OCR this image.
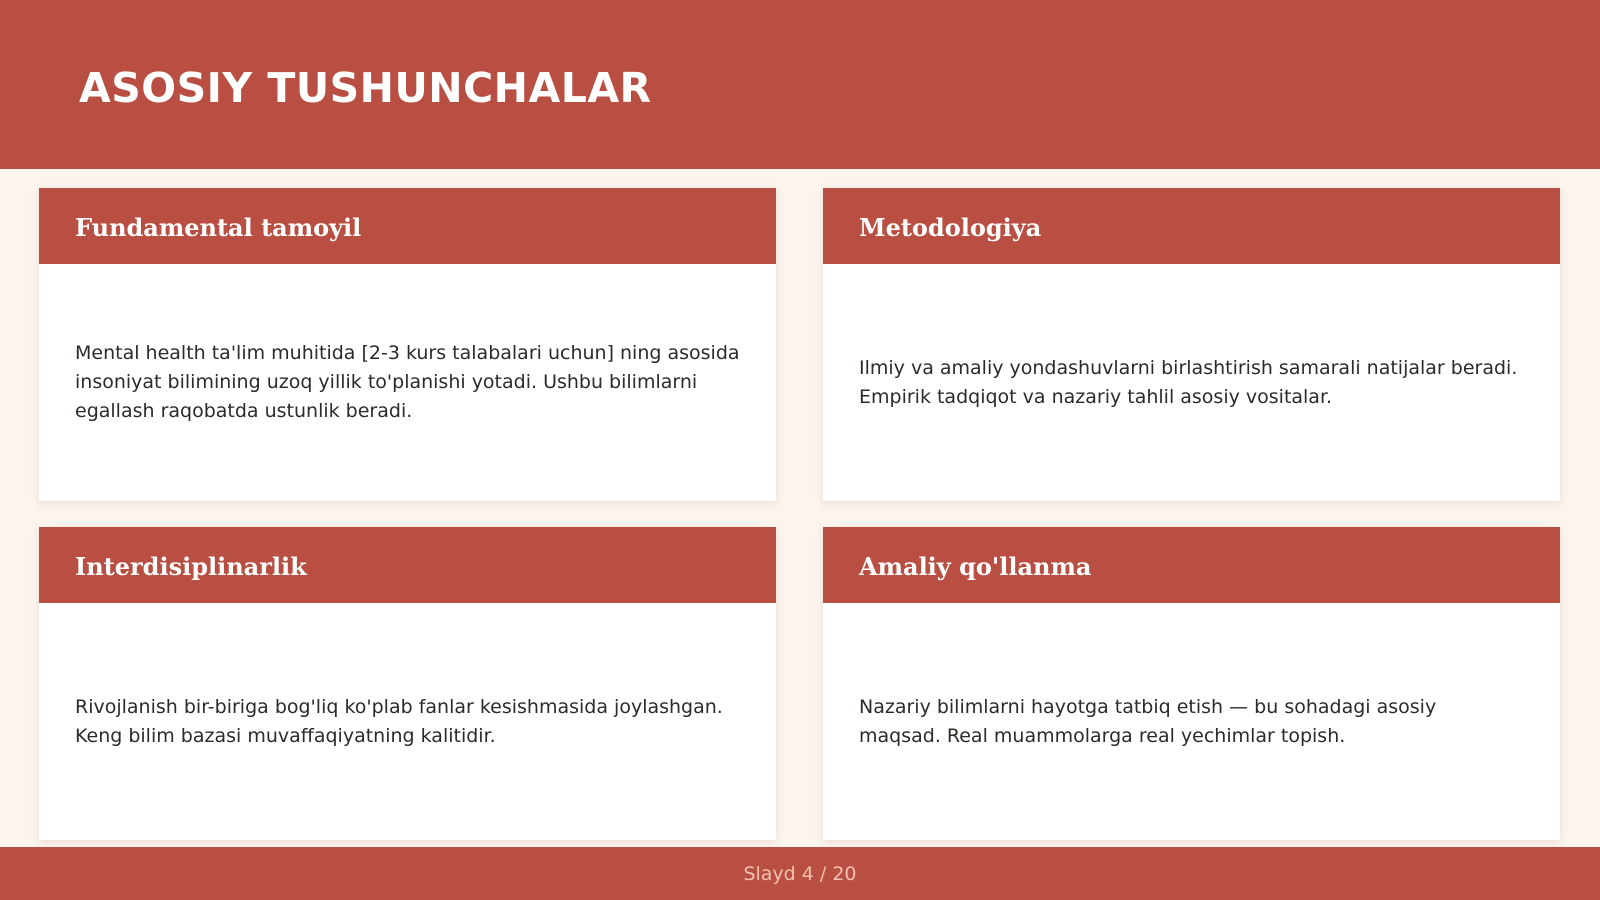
ASOSIY TUSHUNCHALAR
Fundamental tamoyil

Mental health ta'lim muhitida [2-3 kurs talabalari uchun] ning asosida insoniyat bilimining uzoq yillik to'planishi yotadi. Ushbu bilimlarni egallash raqobatda ustunlik beradi.

Metodologiya

Ilmiy va amaliy yondashuvlarni birlashtirish samarali natijalar beradi. Empirik tadqiqot va nazariy tahlil asosiy vositalar.

Interdisiplinarlik

Rivojlanish bir-biriga bog'liq ko'plab fanlar kesishmasida joylashgan. Keng bilim bazasi muvaffaqiyatning kalitidir.

Amaliy qo'llanma

Nazariy bilimlarni hayotga tatbiq etish — bu sohadagi asosiy maqsad. Real muammolarga real yechimlar topish.

Slayd 4 / 20
